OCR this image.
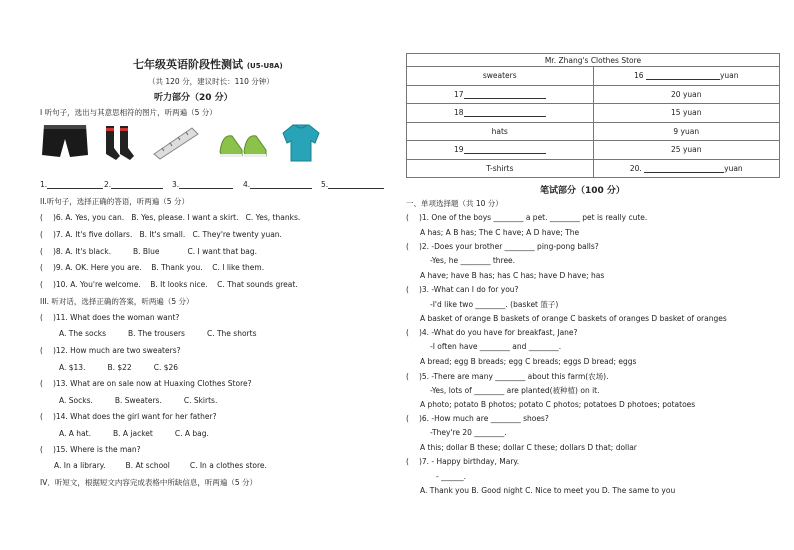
七年级英语阶段性测试 (U5-U8A)
（共 120 分，建议时长：110 分钟）
听力部分（20 分）
I 听句子，选出与其意思相符的图片，听两遍（5 分）
1.	2.	3.	4.	5.
II.听句子，选择正确的答语，听两遍（5 分）
( )6. A. Yes, you can. B. Yes, please. I want a skirt. C. Yes, thanks.
( )7. A. It's five dollars. B. It's small. C. They're twenty yuan.
( )8. A. It's black.	B. Blue	C. I want that bag.
( )9. A. OK. Here you are. B. Thank you. C. I like them.
( )10. A. You're welcome. B. It looks nice. C. That sounds great.
III. 听对话，选择正确的答案，听两遍（5 分）
( )11. What does the woman want?
A. The socks	B. The trousers	C. The shorts
( )12. How much are two sweaters?
A. $13.	B. $22	C. $26
( )13. What are on sale now at Huaxing Clothes Store?
A. Socks.	B. Sweaters.	C. Skirts.
( )14. What does the girl want for her father?
A. A hat.	B. A jacket	C. A bag.
( )15. Where is the man?
A. In a library.	B. At school	C. In a clothes store.
IV．听短文，根据短文内容完成表格中所缺信息，听两遍（5 分）
Mr. Zhang's Clothes Store	
sweaters	16 yuan
17	20 yuan
18	15 yuan
hats	9 yuan
19	25 yuan
T-shirts	20. yuan
笔试部分（100 分）
一、单项选择题（共 10 分）
( )1. One of the boys ________ a pet. ________ pet is really cute.
A has; A B has; The C have; A D have; The
( )2. -Does your brother ________ ping-pong balls?
-Yes, he ________ three.
A have; have B has; has C has; have D have; has
( )3. -What can I do for you?
-I'd like two ________. (basket 篮子)
A basket of orange B baskets of orange C baskets of oranges D basket of oranges
( )4. -What do you have for breakfast, Jane?
-I often have ________ and ________.
A bread; egg B breads; egg C breads; eggs D bread; eggs
( )5. -There are many ________ about this farm(农场).
-Yes, lots of ________ are planted(被种植) on it.
A photo; potato B photos; potato C photos; potatoes D photoes; potatoes
( )6. -How much are ________ shoes?
-They're 20 ________.
A this; dollar B these; dollar C these; dollars D that; dollar
( )7. - Happy birthday, Mary.
- ______.
A. Thank you B. Good night C. Nice to meet you D. The same to you
